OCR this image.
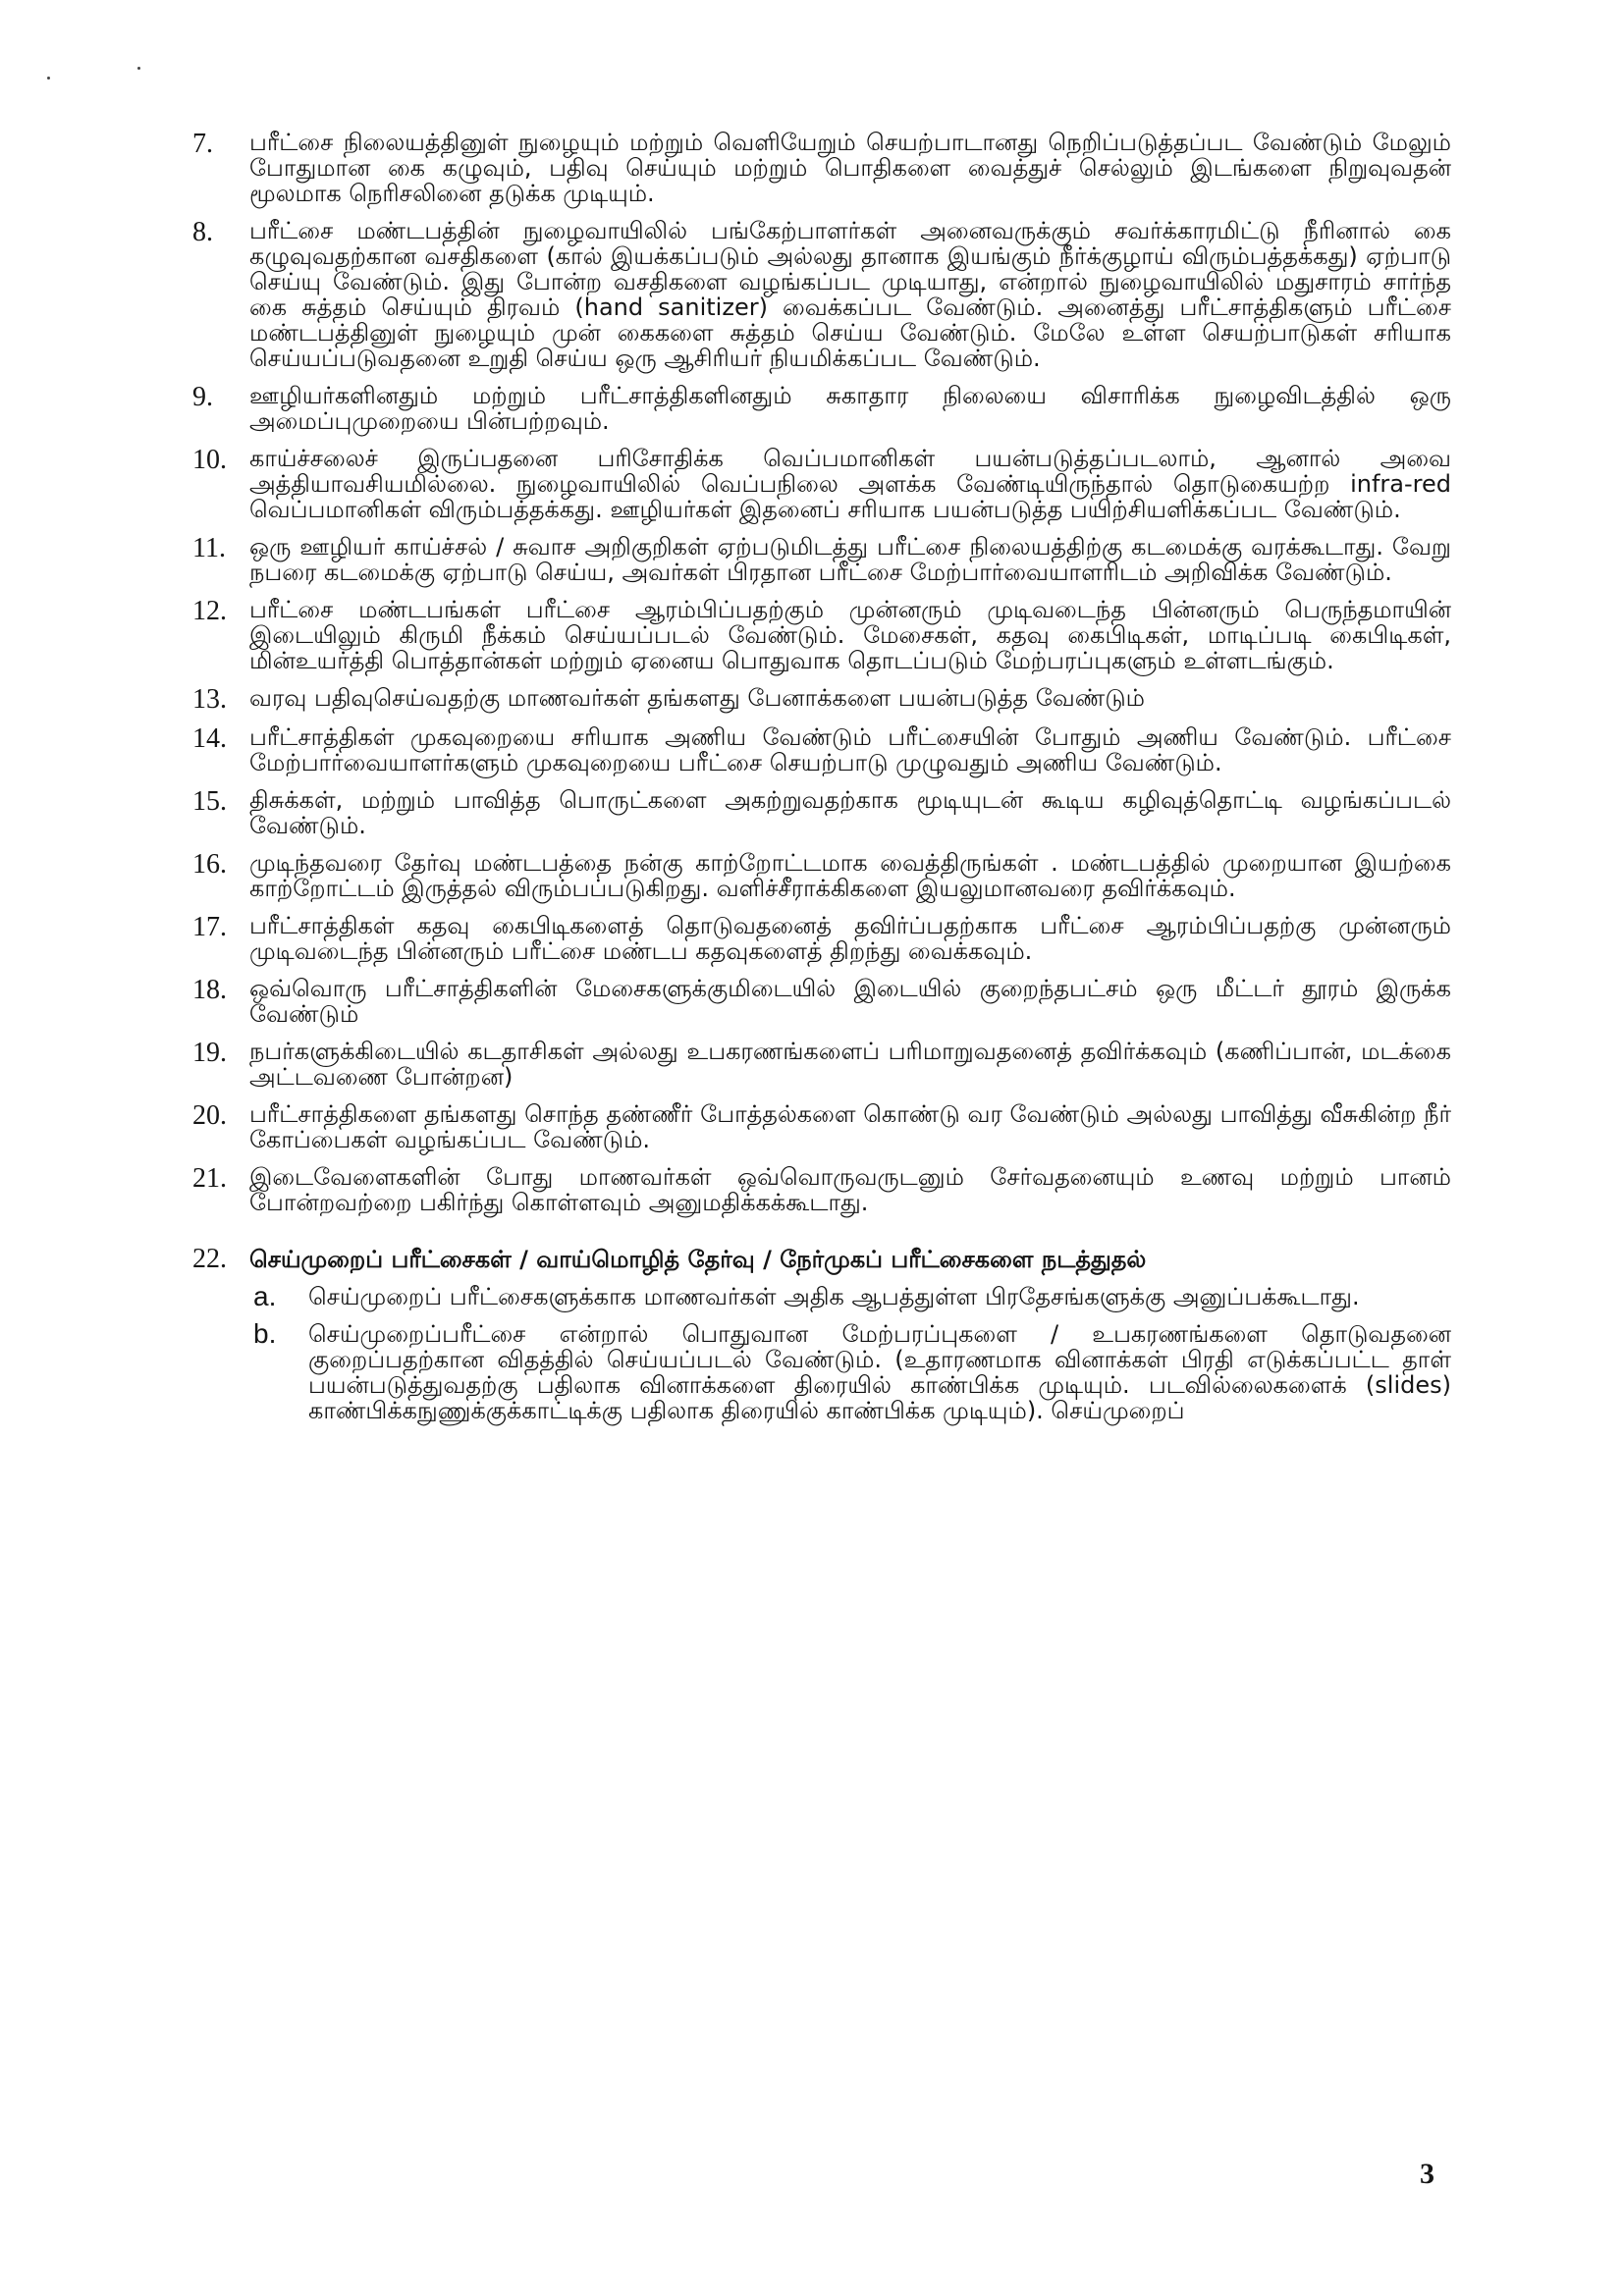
7.	பரீட்சை நிலையத்தினுள் நுழையும் மற்றும் வெளியேறும் செயற்பாடானது நெறிப்படுத்தப்பட வேண்டும் மேலும் போதுமான கை கழுவும், பதிவு செய்யும் மற்றும் பொதிகளை வைத்துச் செல்லும் இடங்களை நிறுவுவதன் மூலமாக நெரிசலினை தடுக்க முடியும்.
8.	பரீட்சை மண்டபத்தின் நுழைவாயிலில் பங்கேற்பாளர்கள் அனைவருக்கும் சவர்க்காரமிட்டு நீரினால் கை கழுவுவதற்கான வசதிகளை (கால் இயக்கப்படும் அல்லது தானாக இயங்கும் நீர்க்குழாய் விரும்பத்தக்கது) ஏற்பாடு செய்யு வேண்டும். இது போன்ற வசதிகளை வழங்கப்பட முடியாது, என்றால் நுழைவாயிலில் மதுசாரம் சார்ந்த கை சுத்தம் செய்யும் திரவம் (hand sanitizer) வைக்கப்பட வேண்டும். அனைத்து பரீட்சாத்திகளும் பரீட்சை மண்டபத்தினுள் நுழையும் முன் கைகளை சுத்தம் செய்ய வேண்டும். மேலே உள்ள செயற்பாடுகள் சரியாக செய்யப்படுவதனை உறுதி செய்ய ஒரு ஆசிரியர் நியமிக்கப்பட வேண்டும்.
9.	ஊழியர்களினதும் மற்றும் பரீட்சாத்திகளினதும் சுகாதார நிலையை விசாரிக்க நுழைவிடத்தில் ஒரு அமைப்புமுறையை பின்பற்றவும்.
10. காய்ச்சலைச் இருப்பதனை பரிசோதிக்க வெப்பமானிகள் பயன்படுத்தப்படலாம், ஆனால் அவை அத்தியாவசியமில்லை. நுழைவாயிலில் வெப்பநிலை அளக்க வேண்டியிருந்தால் தொடுகையற்ற infra-red வெப்பமானிகள் விரும்பத்தக்கது. ஊழியர்கள் இதனைப் சரியாக பயன்படுத்த பயிற்சியளிக்கப்பட வேண்டும்.
11.	ஒரு ஊழியர் காய்ச்சல் / சுவாச அறிகுறிகள் ஏற்படுமிடத்து பரீட்சை நிலையத்திற்கு கடமைக்கு வரக்கூடாது. வேறு நபரை கடமைக்கு ஏற்பாடு செய்ய, அவர்கள் பிரதான பரீட்சை மேற்பார்வையாளரிடம் அறிவிக்க வேண்டும்.
12. பரீட்சை மண்டபங்கள் பரீட்சை ஆரம்பிப்பதற்கும் முன்னரும் முடிவடைந்த பின்னரும் பெருந்தமாயின் இடையிலும் கிருமி நீக்கம் செய்யப்படல் வேண்டும். மேசைகள், கதவு கைபிடிகள், மாடிப்படி கைபிடிகள், மின்உயர்த்தி பொத்தான்கள் மற்றும் ஏனைய பொதுவாக தொடப்படும் மேற்பரப்புகளும் உள்ளடங்கும்.
13. வரவு பதிவுசெய்வதற்கு மாணவர்கள் தங்களது பேனாக்களை பயன்படுத்த வேண்டும்
14. பரீட்சாத்திகள் முகவுறையை சரியாக அணிய வேண்டும் பரீட்சையின் போதும் அணிய வேண்டும். பரீட்சை மேற்பார்வையாளர்களும் முகவுறையை பரீட்சை செயற்பாடு முழுவதும் அணிய வேண்டும்.
15. திசுக்கள், மற்றும் பாவித்த பொருட்களை அகற்றுவதற்காக மூடியுடன் கூடிய கழிவுத்தொட்டி வழங்கப்படல் வேண்டும்.
16. முடிந்தவரை தேர்வு மண்டபத்தை நன்கு காற்றோட்டமாக வைத்திருங்கள் . மண்டபத்தில் முறையான இயற்கை காற்றோட்டம் இருத்தல் விரும்பப்படுகிறது. வளிச்சீராக்கிகளை இயலுமானவரை தவிர்க்கவும்.
17. பரீட்சாத்திகள் கதவு கைபிடிகளைத் தொடுவதனைத் தவிர்ப்பதற்காக பரீட்சை ஆரம்பிப்பதற்கு முன்னரும் முடிவடைந்த பின்னரும் பரீட்சை மண்டப கதவுகளைத் திறந்து வைக்கவும்.
18. ஒவ்வொரு பரீட்சாத்திகளின் மேசைகளுக்குமிடையில் இடையில் குறைந்தபட்சம் ஒரு மீட்டர் தூரம் இருக்க வேண்டும்
19. நபர்களுக்கிடையில் கடதாசிகள் அல்லது உபகரணங்களைப் பரிமாறுவதனைத் தவிர்க்கவும் (கணிப்பான், மடக்கை அட்டவணை போன்றன)
20. பரீட்சாத்திகளை தங்களது சொந்த தண்ணீர் போத்தல்களை கொண்டு வர வேண்டும் அல்லது பாவித்து வீசுகின்ற நீர் கோப்பைகள் வழங்கப்பட வேண்டும்.
21. இடைவேளைகளின் போது மாணவர்கள் ஒவ்வொருவருடனும் சேர்வதனையும் உணவு மற்றும் பானம் போன்றவற்றை பகிர்ந்து கொள்ளவும் அனுமதிக்கக்கூடாது.
22. செய்முறைப் பரீட்சைகள் / வாய்மொழித் தேர்வு / நேர்முகப் பரீட்சைகளை நடத்துதல்
a.	செய்முறைப் பரீட்சைகளுக்காக மாணவர்கள் அதிக ஆபத்துள்ள பிரதேசங்களுக்கு அனுப்பக்கூடாது.
b.	செய்முறைப்பரீட்சை என்றால் பொதுவான மேற்பரப்புகளை / உபகரணங்களை தொடுவதனை குறைப்பதற்கான விதத்தில் செய்யப்படல் வேண்டும். (உதாரணமாக வினாக்கள் பிரதி எடுக்கப்பட்ட தாள் பயன்படுத்துவதற்கு பதிலாக வினாக்களை திரையில் காண்பிக்க முடியும். படவில்லைகளைக் (slides) காண்பிக்கநுணுக்குக்காட்டிக்கு பதிலாக திரையில் காண்பிக்க முடியும்). செய்முறைப்
3
